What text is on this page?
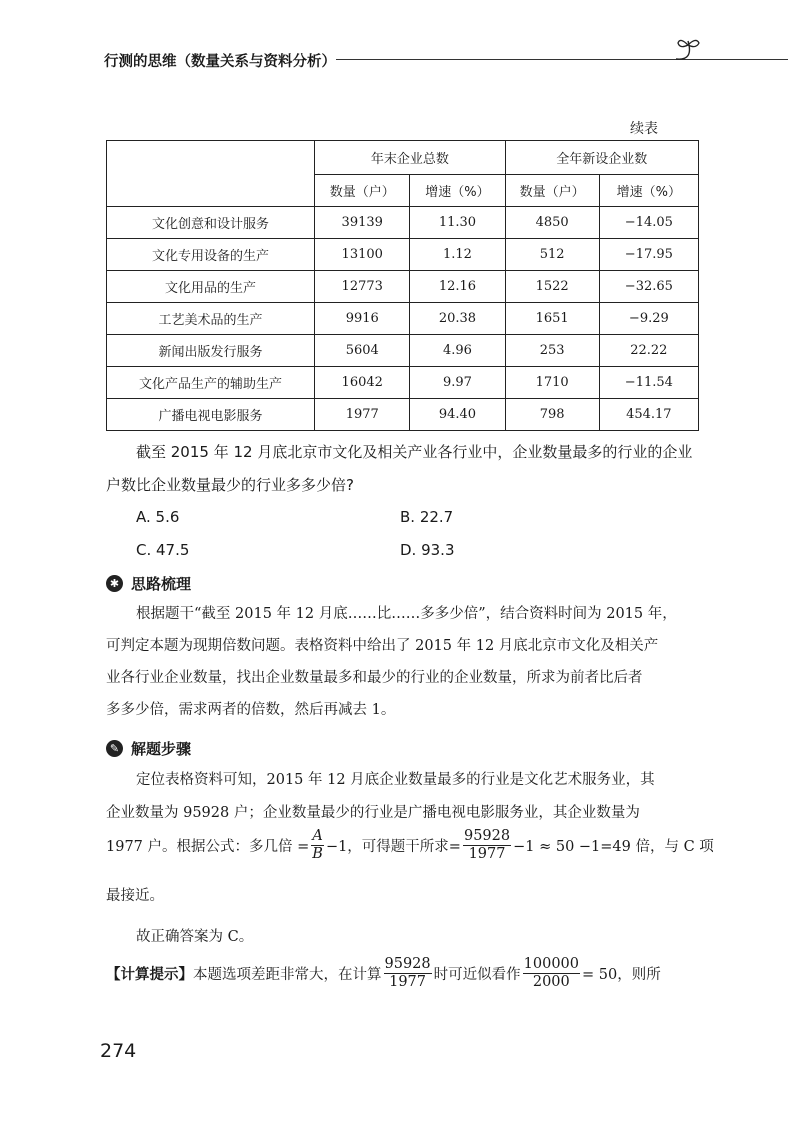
行测的思维（数量关系与资料分析）
续表
	年末企业总数		全年新设企业数	
	数量（户）	增速（%）	数量（户）	增速（%）
文化创意和设计服务	39139	11.30	4850	−14.05
文化专用设备的生产	13100	1.12	512	−17.95
文化用品的生产	12773	12.16	1522	−32.65
工艺美术品的生产	9916	20.38	1651	−9.29
新闻出版发行服务	5604	4.96	253	22.22
文化产品生产的辅助生产	16042	9.97	1710	−11.54
广播电视电影服务	1977	94.40	798	454.17
截至 2015 年 12 月底北京市文化及相关产业各行业中，企业数量最多的行业的企业户数比企业数量最少的行业多多少倍?
A. 5.6	B. 22.7
C. 47.5	D. 93.3
✱ 思路梳理
根据题干“截至 2015 年 12 月底……比……多多少倍”，结合资料时间为 2015 年，
可判定本题为现期倍数问题。表格资料中给出了 2015 年 12 月底北京市文化及相关产
业各行业企业数量，找出企业数量最多和最少的行业的企业数量，所求为前者比后者
多多少倍，需求两者的倍数，然后再减去 1。
✎ 解题步骤
定位表格资料可知，2015 年 12 月底企业数量最多的行业是文化艺术服务业，其
企业数量为 95928 户；企业数量最少的行业是广播电视电影服务业，其企业数量为
1977 户。根据公式：多几倍 = $\frac{A}{B} -1$，可得题干所求= $\frac{95928}{1977} -1 \approx 50 -1=49$ 倍，与 C 项
最接近。
故正确答案为 C。
【计算提示】 本题选项差距非常大，在计算 $\frac{95928}{1977}$ 时可近似看作 $\frac{100000}{2000} = 50$，则所
274
